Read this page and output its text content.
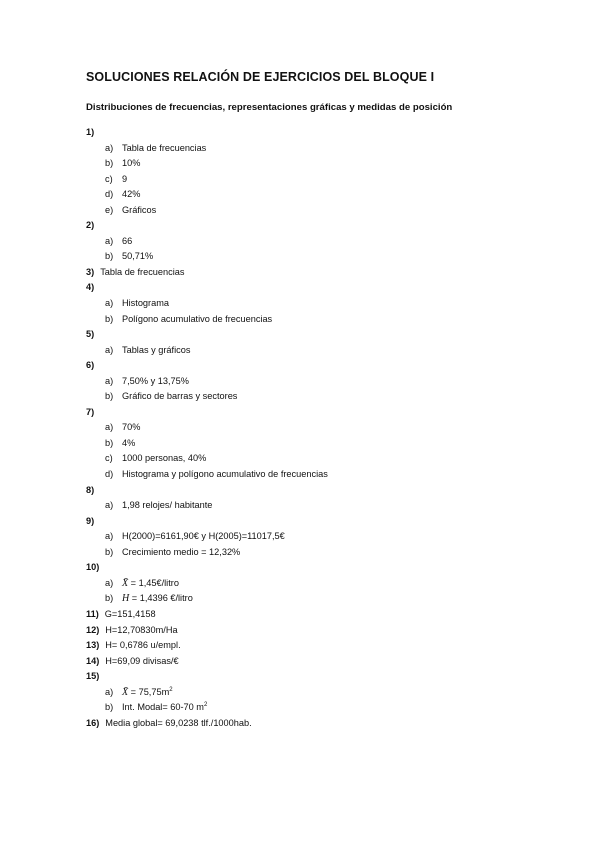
SOLUCIONES RELACIÓN DE EJERCICIOS DEL BLOQUE I
Distribuciones de frecuencias, representaciones gráficas y medidas de posición
1)
a) Tabla de frecuencias
b) 10%
c) 9
d) 42%
e) Gráficos
2)
a) 66
b) 50,71%
3) Tabla de frecuencias
4)
a) Histograma
b) Polígono acumulativo de frecuencias
5)
a) Tablas y gráficos
6)
a) 7,50% y 13,75%
b) Gráfico de barras y sectores
7)
a) 70%
b) 4%
c) 1000 personas, 40%
d) Histograma y polígono acumulativo de frecuencias
8)
a) 1,98 relojes/ habitante
9)
a) H(2000)=6161,90€ y H(2005)=11017,5€
b) Crecimiento medio = 12,32%
10)
a) X̄ = 1,45€/litro
b) H = 1,4396 €/litro
11) G=151,4158
12) H=12,70830m/Ha
13) H= 0,6786 u/empl.
14) H=69,09 divisas/€
15)
a) X̄ = $75,75m^2$
b) Int. Modal= 60-70 $m^2$
16) Media global= 69,0238 tlf./1000hab.
